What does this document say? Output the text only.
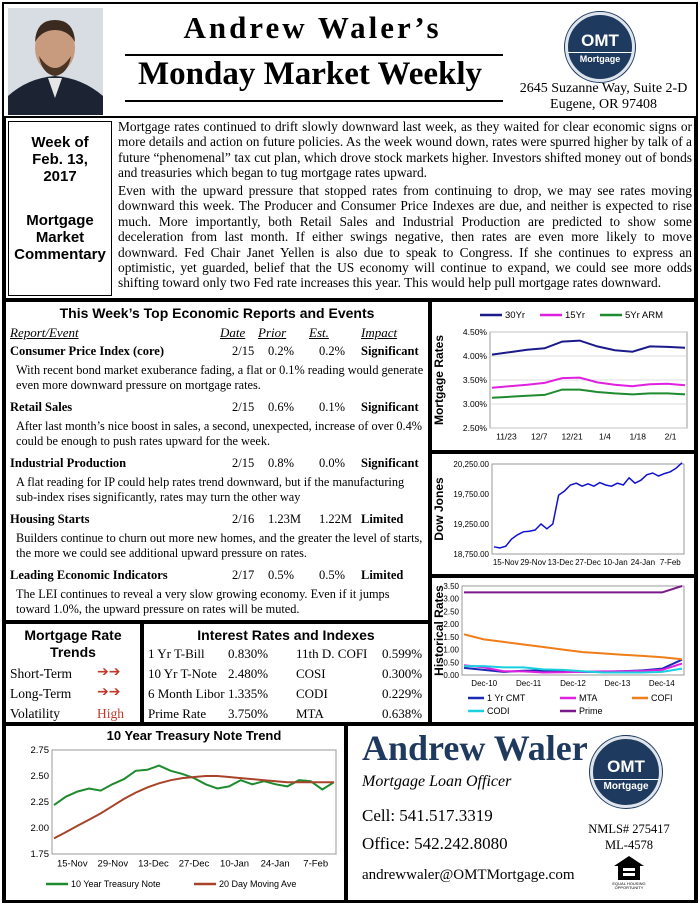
Andrew Waler’s
Monday Market Weekly
OMT
Mortgage
2645 Suzanne Way, Suite 2-D
Eugene, OR 97408
Week of
Feb. 13,
2017
Mortgage
Market
Commentary
Mortgage rates continued to drift slowly downward last week, as they waited for clear economic signs or more details and action on future policies. As the week wound down, rates were spurred higher by talk of a future “phenomenal” tax cut plan, which drove stock markets higher. Investors shifted money out of bonds and treasuries which began to tug mortgage rates upward.
Even with the upward pressure that stopped rates from continuing to drop, we may see rates moving downward this week. The Producer and Consumer Price Indexes are due, and neither is expected to rise much. More importantly, both Retail Sales and Industrial Production are predicted to show some deceleration from last month. If either swings negative, then rates are even more likely to move downward. Fed Chair Janet Yellen is also due to speak to Congress. If she continues to express an optimistic, yet guarded, belief that the US economy will continue to expand, we could see more odds shifting toward only two Fed rate increases this year. This would help pull mortgage rates downward.
This Week’s Top Economic Reports and Events
Report/Event	Date Prior Est. Impact
Consumer Price Index (core)	2/15 0.2% 0.2% Significant
With recent bond market exuberance fading, a flat or 0.1% reading would generate even more downward pressure on mortgage rates.
Retail Sales	2/15 0.6% 0.1% Significant
After last month’s nice boost in sales, a second, unexpected, increase of over 0.4% could be enough to push rates upward for the week.
Industrial Production	2/15 0.8% 0.0% Significant
A flat reading for IP could help rates trend downward, but if the manufacturing sub-index rises significantly, rates may turn the other way
Housing Starts	2/16 1.23M 1.22M Limited
Builders continue to churn out more new homes, and the greater the level of starts, the more we could see additional upward pressure on rates.
Leading Economic Indicators	2/17 0.5% 0.5% Limited
The LEI continues to reveal a very slow growing economy. Even if it jumps toward 1.0%, the upward pressure on rates will be muted.
Mortgage Rate
Trends
Short-Term ➔➔
Long-Term ➔➔
Volatility	High
Interest Rates and Indexes
1 Yr T-Bill 0.830% 11th D. COFI 0.599%
10 Yr T-Note 2.480% COSI	0.300%
6 Month Libor 1.335% CODI	0.229%
Prime Rate 3.750% MTA	0.638%
4.50%
4.00%
3.50%
3.00%
2.50%
11/23 12/7 12/21 1/4 1/18 2/1
Mortgage Rates
30Yr	15Yr	5Yr ARM
20,250.00
19,750.00
19,250.00
18,750.00
15-Nov 29-Nov 13-Dec 27-Dec 10-Jan 24-Jan 7-Feb
Dow Jones
3.50
3.00
2.50
2.00
1.50
1.00
0.50
0.00
Dec-10 Dec-11 Dec-12 Dec-13 Dec-14
Historical Rates
1 Yr CMT	MTA	COFI
CODI	Prime
2.75
2.50
2.25
2.00
1.75
15-Nov 29-Nov 13-Dec 27-Dec 10-Jan 24-Jan 7-Feb
10 Year Treasury Note Trend
10 Year Treasury Note	20 Day Moving Ave
Andrew Waler
Mortgage Loan Officer
Cell: 541.517.3319
Office: 542.242.8080
andrewwaler@OMTMortgage.com
OMT
Mortgage
NMLS# 275417
ML-4578
EQUAL HOUSING OPPORTUNITY
